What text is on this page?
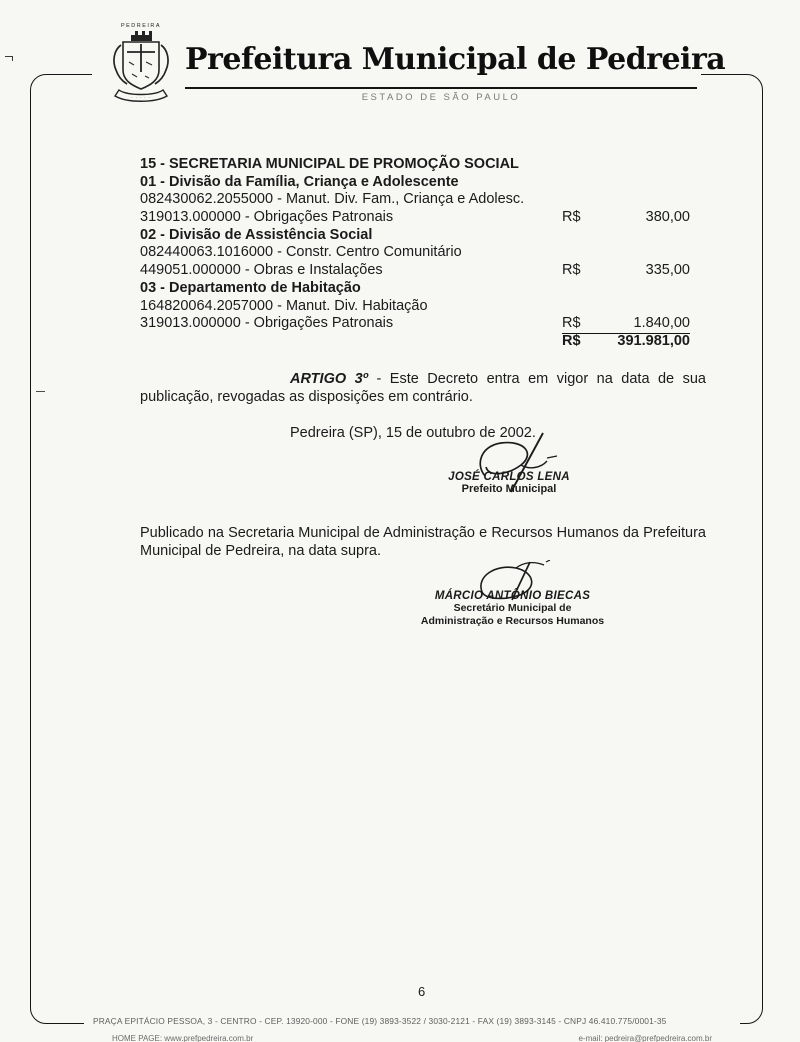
PEDREIRA
· · · · ·
Prefeitura Municipal de Pedreira
ESTADO DE SÃO PAULO
15 - SECRETARIA MUNICIPAL DE PROMOÇÃO SOCIAL
01 - Divisão da Família, Criança e Adolescente
082430062.2055000 - Manut. Div. Fam., Criança e Adolesc.
319013.000000 - Obrigações Patronais	R$	380,00
02 - Divisão de Assistência Social
082440063.1016000 - Constr. Centro Comunitário
449051.000000 - Obras e Instalações	R$	335,00
03 - Departamento de Habitação
164820064.2057000 - Manut. Div. Habitação
319013.000000 - Obrigações Patronais	R$	1.840,00
R$	391.981,00
ARTIGO 3º - Este Decreto entra em vigor na data de sua publicação, revogadas as disposições em contrário.
Pedreira (SP), 15 de outubro de 2002.
JOSÉ CARLOS LENA
Prefeito Municipal
Publicado na Secretaria Municipal de Administração e Recursos Humanos da Prefeitura Municipal de Pedreira, na data supra.
MÁRCIO ANTÔNIO BIECAS
Secretário Municipal de
Administração e Recursos Humanos
6
PRAÇA EPITÁCIO PESSOA, 3 - CENTRO - CEP. 13920-000 - FONE (19) 3893-3522 / 3030-2121 - FAX (19) 3893-3145 - CNPJ 46.410.775/0001-35
HOME PAGE: www.prefpedreira.com.br	e-mail: pedreira@prefpedreira.com.br
